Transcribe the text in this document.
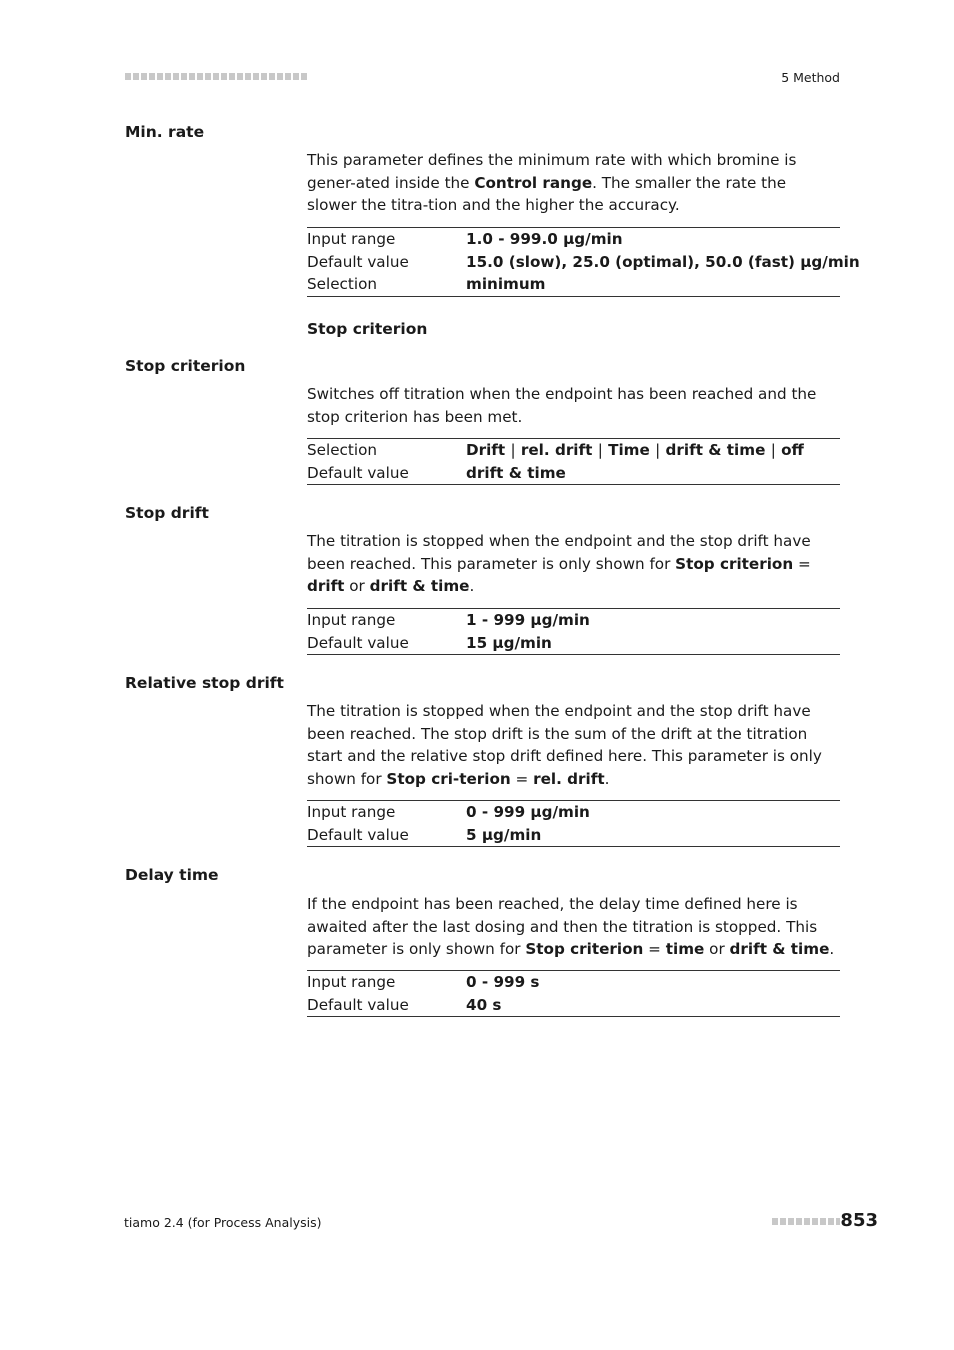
5 Method
tiamo 2.4 (for Process Analysis)	853
Min. rate

This parameter defines the minimum rate with which bromine is gener-ated inside the Control range. The smaller the rate the slower the titra-tion and the higher the accuracy.

Input range	1.0 - 999.0 µg/min
Default value	15.0 (slow), 25.0 (optimal), 50.0 (fast) µg/min
Selection	minimum
Stop criterion
Stop criterion

Switches off titration when the endpoint has been reached and the stop criterion has been met.

Selection	Drift | rel. drift | Time | drift & time | off
Default value	drift & time
Stop drift

The titration is stopped when the endpoint and the stop drift have been reached. This parameter is only shown for Stop criterion = drift or drift & time.

Input range	1 - 999 µg/min
Default value	15 µg/min
Relative stop drift

The titration is stopped when the endpoint and the stop drift have been reached. The stop drift is the sum of the drift at the titration start and the relative stop drift defined here. This parameter is only shown for Stop cri-terion = rel. drift.

Input range	0 - 999 µg/min
Default value	5 µg/min
Delay time

If the endpoint has been reached, the delay time defined here is awaited after the last dosing and then the titration is stopped. This parameter is only shown for Stop criterion = time or drift & time.

Input range	0 - 999 s
Default value	40 s
